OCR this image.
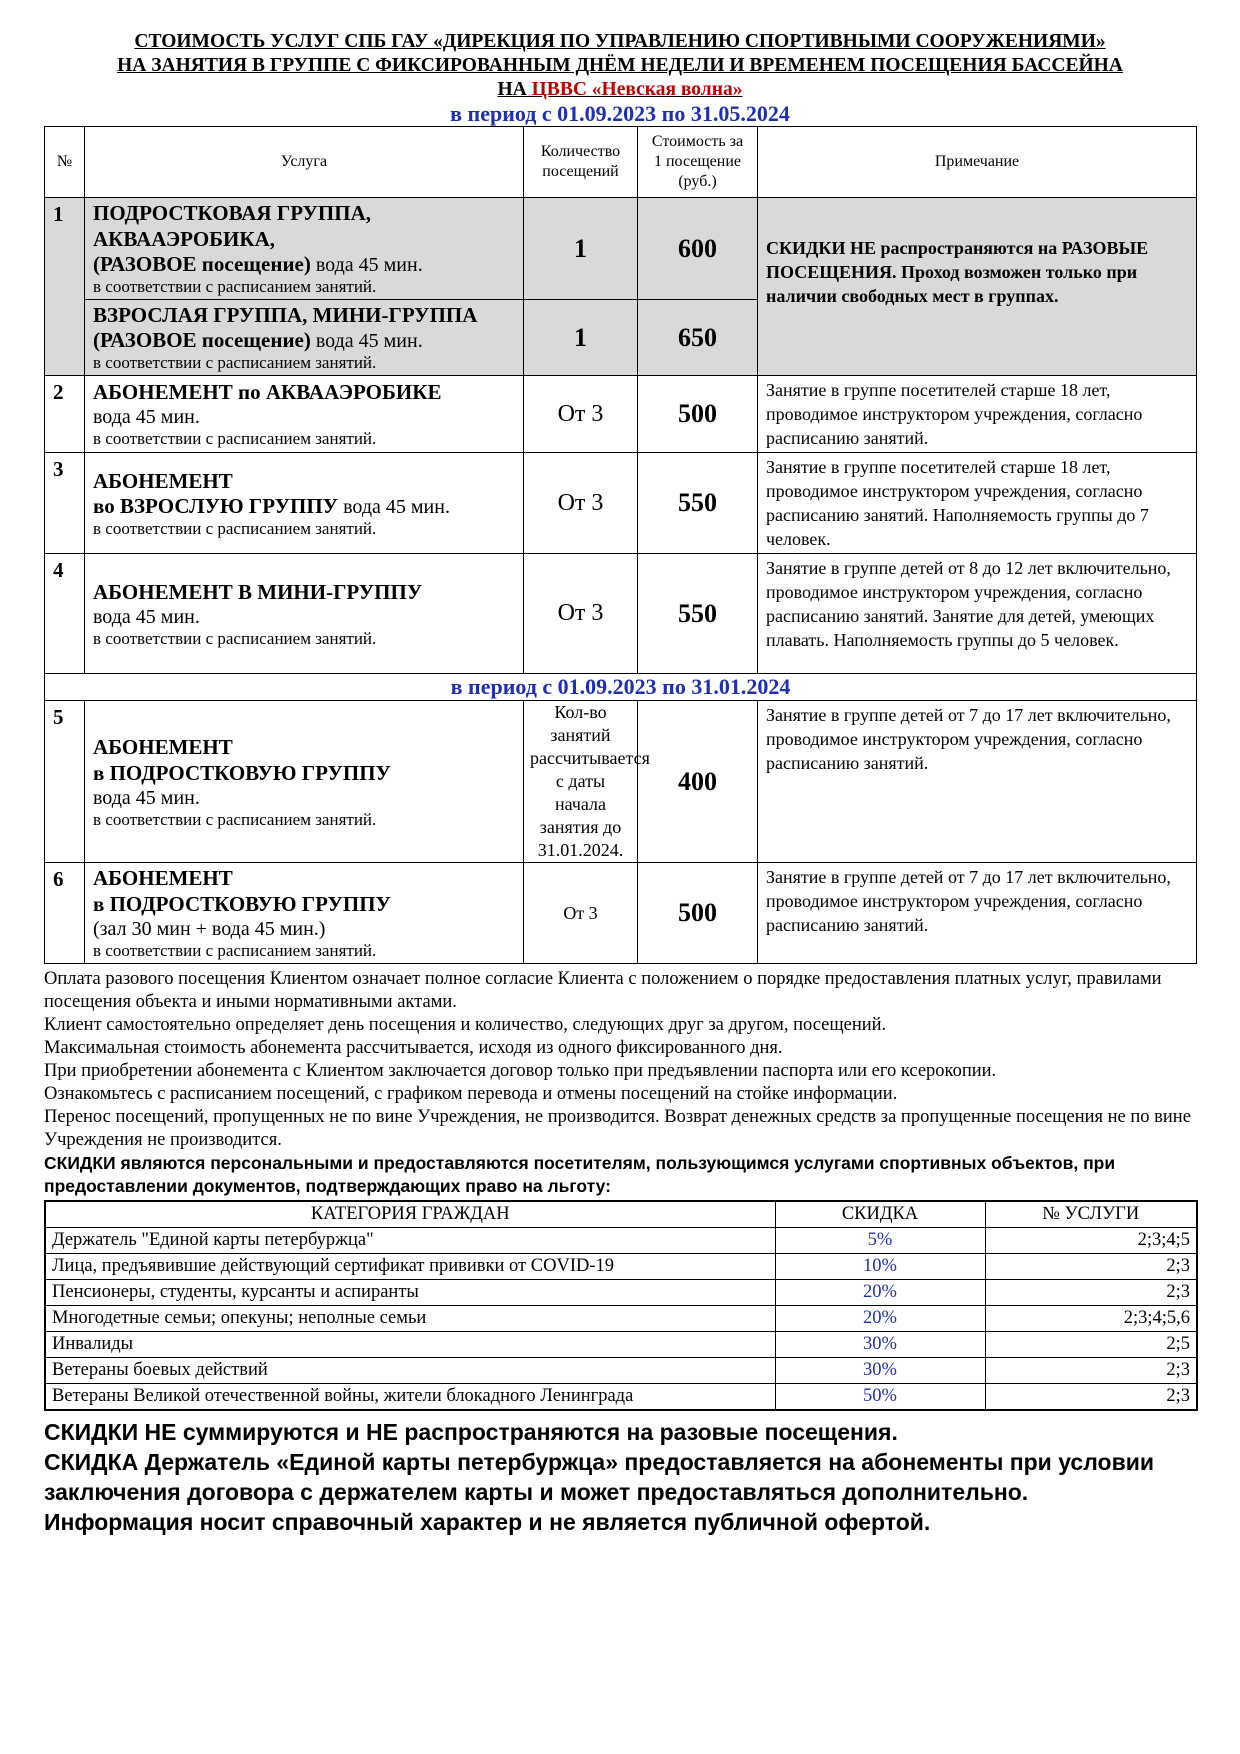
СТОИМОСТЬ УСЛУГ СПБ ГАУ «ДИРЕКЦИЯ ПО УПРАВЛЕНИЮ СПОРТИВНЫМИ СООРУЖЕНИЯМИ»
НА ЗАНЯТИЯ В ГРУППЕ С ФИКСИРОВАННЫМ ДНЁМ НЕДЕЛИ И ВРЕМЕНЕМ ПОСЕЩЕНИЯ БАССЕЙНА
НА ЦВВС «Невская волна»
в период с 01.09.2023 по 31.05.2024
№	Услуга	Количество посещений	Стоимость за 1 посещение (руб.)	Примечание
1	ПОДРОСТКОВАЯ ГРУППА, АКВААЭРОБИКА,
(РАЗОВОЕ посещение) вода 45 мин.
в соответствии с расписанием занятий.	1	600	СКИДКИ НЕ распространяются на РАЗОВЫЕ ПОСЕЩЕНИЯ. Проход возможен только при наличии свободных мест в группах.

	ВЗРОСЛАЯ ГРУППА, МИНИ-ГРУППА
(РАЗОВОЕ посещение) вода 45 мин.
в соответствии с расписанием занятий.	1	650	
2	АБОНЕМЕНТ по АКВААЭРОБИКЕ
вода 45 мин.
в соответствии с расписанием занятий.	От 3	500	Занятие в группе посетителей старше 18 лет, проводимое инструктором учреждения, согласно расписанию занятий.
3	АБОНЕМЕНТ
во ВЗРОСЛУЮ ГРУППУ вода 45 мин.
в соответствии с расписанием занятий.	От 3	550	Занятие в группе посетителей старше 18 лет, проводимое инструктором учреждения, согласно расписанию занятий. Наполняемость группы до 7 человек.
4	АБОНЕМЕНТ В МИНИ-ГРУППУ
вода 45 мин.
в соответствии с расписанием занятий.	От 3	550	Занятие в группе детей от 8 до 12 лет включительно, проводимое инструктором учреждения, согласно расписанию занятий. Занятие для детей, умеющих плавать. Наполняемость группы до 5 человек.
в период с 01.09.2023 по 31.01.2024				
5	АБОНЕМЕНТ
в ПОДРОСТКОВУЮ ГРУППУ
вода 45 мин.
в соответствии с расписанием занятий.	Кол-во занятий рассчитывается с даты начала занятия до 31.01.2024.	400	Занятие в группе детей от 7 до 17 лет включительно, проводимое инструктором учреждения, согласно расписанию занятий.
6	АБОНЕМЕНТ
в ПОДРОСТКОВУЮ ГРУППУ
(зал 30 мин + вода 45 мин.)
в соответствии с расписанием занятий.	От 3	500	Занятие в группе детей от 7 до 17 лет включительно, проводимое инструктором учреждения, согласно расписанию занятий.

Оплата разового посещения Клиентом означает полное согласие Клиента с положением о порядке предоставления платных услуг, правилами посещения объекта и иными нормативными актами.

Клиент самостоятельно определяет день посещения и количество, следующих друг за другом, посещений.

Максимальная стоимость абонемента рассчитывается, исходя из одного фиксированного дня.

При приобретении абонемента с Клиентом заключается договор только при предъявлении паспорта или его ксерокопии.

Ознакомьтесь с расписанием посещений, с графиком перевода и отмены посещений на стойке информации.

Перенос посещений, пропущенных не по вине Учреждения, не производится. Возврат денежных средств за пропущенные посещения не по вине Учреждения не производится.

СКИДКИ являются персональными и предоставляются посетителям, пользующимся услугами спортивных объектов, при предоставлении документов, подтверждающих право на льготу:

КАТЕГОРИЯ ГРАЖДАН	СКИДКА	№ УСЛУГИ
Держатель "Единой карты петербуржца"	5%	2;3;4;5
Лица, предъявившие действующий сертификат прививки от COVID-19	10%	2;3
Пенсионеры, студенты, курсанты и аспиранты	20%	2;3
Многодетные семьи; опекуны; неполные семьи	20%	2;3;4;5,6
Инвалиды	30%	2;5
Ветераны боевых действий	30%	2;3
Ветераны Великой отечественной войны, жители блокадного Ленинграда	50%	2;3
СКИДКИ НЕ суммируются и НЕ распространяются на разовые посещения.
СКИДКА Держатель «Единой карты петербуржца» предоставляется на абонементы при условии заключения договора с держателем карты и может предоставляться дополнительно.
Информация носит справочный характер и не является публичной офертой.
